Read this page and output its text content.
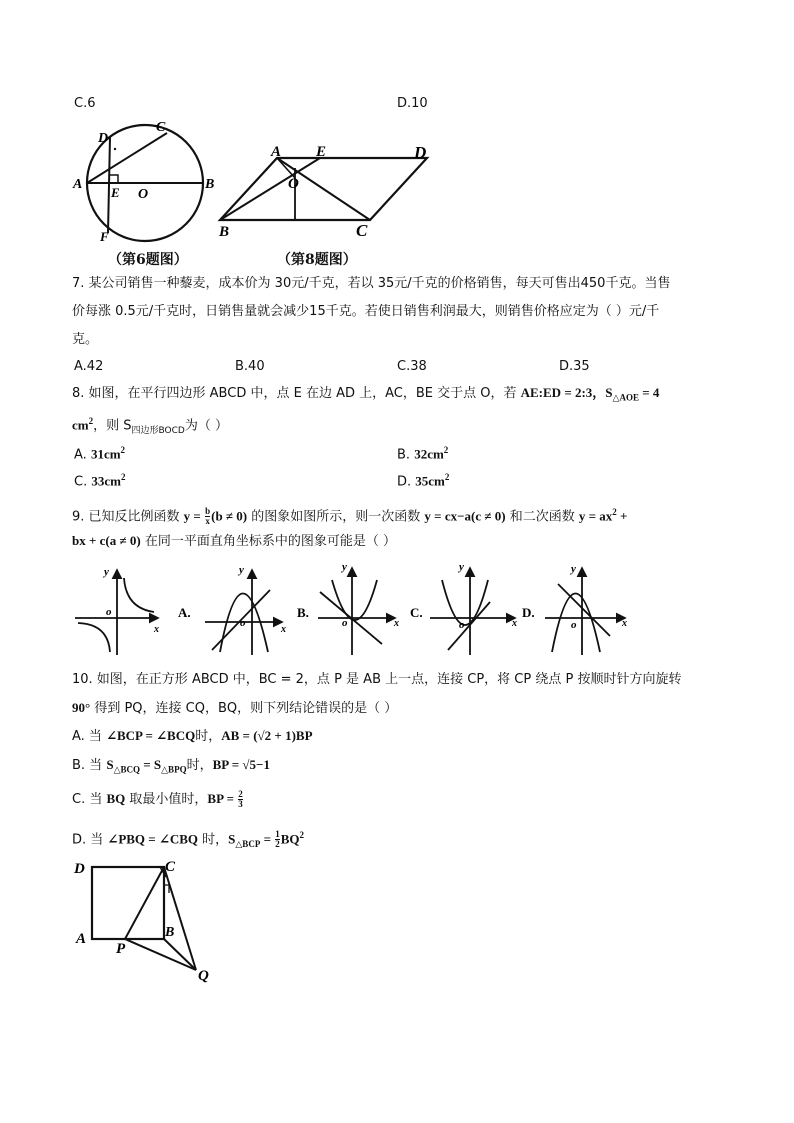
C.6	D.10
D
C
A
E O
B
F
（第6题图）
A E	D
O
B	C
（第8题图）
7. 某公司销售一种藜麦，成本价为 30元/千克，若以 35元/千克的价格销售，每天可售出450千克。当售
价每涨 0.5元/千克时，日销售量就会减少15千克。若使日销售利润最大，则销售价格应定为（ ）元/千
克。
A.42	B.40	C.38	D.35
8. 如图，在平行四边形 ABCD 中，点 E 在边 AD 上，AC，BE 交于点 O，若 AE:ED = 2:3，$S_{\triangle AOE} = 4$
$cm^2$，则 $S_{四边形BOCD}$为（ ）
A. $31cm^2$	B. $32cm^2$
C. $33cm^2$	D. $35cm^2$
9. 已知反比例函数 $y = \frac{b}{x} (b \ne 0)$ 的图象如图所示，则一次函数 y = cx−a(c ≠ 0) 和二次函数 $y = ax^2$ +
bx + c(a ≠ 0) 在同一平面直角坐标系中的图象可能是（ ）
y
x
o	A.
y
x
o
B.
y
x
o
C.
y
x
o
D.
y
x
o
10. 如图，在正方形 ABCD 中，BC = 2，点 P 是 AB 上一点，连接 CP，将 CP 绕点 P 按顺时针方向旋转
90° 得到 PQ，连接 CQ，BQ，则下列结论错误的是（ ）
A. 当 ∠BCP = ∠BCQ时，AB = (√2 + 1)BP
B. 当 $S_{\triangle BCQ} = S_{\triangle BPQ}$时，BP = √5−1
C. 当 BQ 取最小值时，BP = $\frac{2}{3}$
D. 当 ∠PBQ = ∠CBQ 时，$S_{\triangle BCP} = \frac{1}{2} BQ^2$
D	C
A
P
B
Q
